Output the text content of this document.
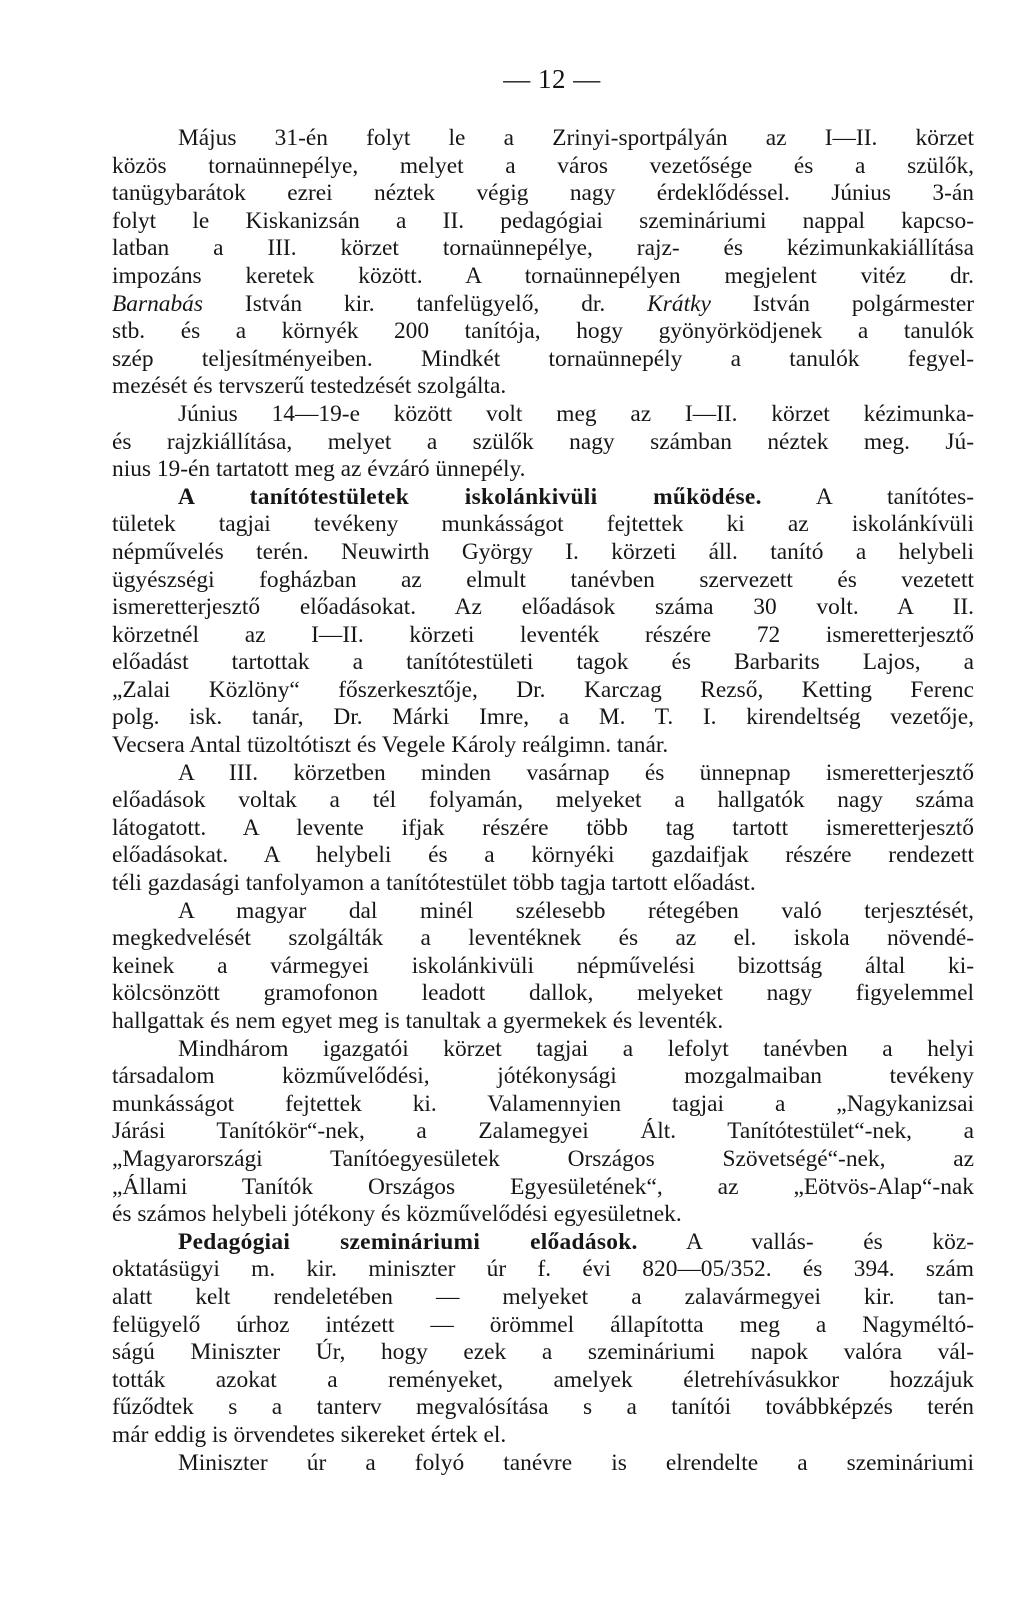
— 12 —
Május 31-én folyt le a Zrinyi-sportpályán az I—II. körzet
közös tornaünnepélye, melyet a város vezetősége és a szülők,
tanügybarátok ezrei néztek végig nagy érdeklődéssel. Június 3-án
folyt le Kiskanizsán a II. pedagógiai szemináriumi nappal kapcso-
latban a III. körzet tornaünnepélye, rajz- és kézimunkakiállítása
impozáns keretek között. A tornaünnepélyen megjelent vitéz dr.
Barnabás István kir. tanfelügyelő, dr. Krátky István polgármester
stb. és a környék 200 tanítója, hogy gyönyörködjenek a tanulók
szép teljesítményeiben. Mindkét tornaünnepély a tanulók fegyel-
mezését és tervszerű testedzését szolgálta.
Június 14—19-e között volt meg az I—II. körzet kézimunka-
és rajzkiállítása, melyet a szülők nagy számban néztek meg. Jú-
nius 19-én tartatott meg az évzáró ünnepély.
A tanítótestületek iskolánkivüli működése. A tanítótes-
tületek tagjai tevékeny munkásságot fejtettek ki az iskolánkívüli
népművelés terén. Neuwirth György I. körzeti áll. tanító a helybeli
ügyészségi fogházban az elmult tanévben szervezett és vezetett
ismeretterjesztő előadásokat. Az előadások száma 30 volt. A II.
körzetnél az I—II. körzeti leventék részére 72 ismeretterjesztő
előadást tartottak a tanítótestületi tagok és Barbarits Lajos, a
„Zalai Közlöny“ főszerkesztője, Dr. Karczag Rezső, Ketting Ferenc
polg. isk. tanár, Dr. Márki Imre, a M. T. I. kirendeltség vezetője,
Vecsera Antal tüzoltótiszt és Vegele Károly reálgimn. tanár.
A III. körzetben minden vasárnap és ünnepnap ismeretterjesztő
előadások voltak a tél folyamán, melyeket a hallgatók nagy száma
látogatott. A levente ifjak részére több tag tartott ismeretterjesztő
előadásokat. A helybeli és a környéki gazdaifjak részére rendezett
téli gazdasági tanfolyamon a tanítótestület több tagja tartott előadást.
A magyar dal minél szélesebb rétegében való terjesztését,
megkedvelését szolgálták a leventéknek és az el. iskola növendé-
keinek a vármegyei iskolánkivüli népművelési bizottság által ki-
kölcsönzött gramofonon leadott dallok, melyeket nagy figyelemmel
hallgattak és nem egyet meg is tanultak a gyermekek és leventék.
Mindhárom igazgatói körzet tagjai a lefolyt tanévben a helyi
társadalom közművelődési, jótékonysági mozgalmaiban tevékeny
munkásságot fejtettek ki. Valamennyien tagjai a „Nagykanizsai
Járási Tanítókör“-nek, a Zalamegyei Ált. Tanítótestület“-nek, a
„Magyarországi Tanítóegyesületek Országos Szövetségé“-nek, az
„Állami Tanítók Országos Egyesületének“, az „Eötvös-Alap“-nak
és számos helybeli jótékony és közművelődési egyesületnek.
Pedagógiai szemináriumi előadások. A vallás- és köz-
oktatásügyi m. kir. miniszter úr f. évi 820—05/352. és 394. szám
alatt kelt rendeletében — melyeket a zalavármegyei kir. tan-
felügyelő úrhoz intézett — örömmel állapította meg a Nagyméltó-
ságú Miniszter Úr, hogy ezek a szemináriumi napok valóra vál-
tották azokat a reményeket, amelyek életrehívásukkor hozzájuk
fűződtek s a tanterv megvalósítása s a tanítói továbbképzés terén
már eddig is örvendetes sikereket értek el.
Miniszter úr a folyó tanévre is elrendelte a szemináriumi
